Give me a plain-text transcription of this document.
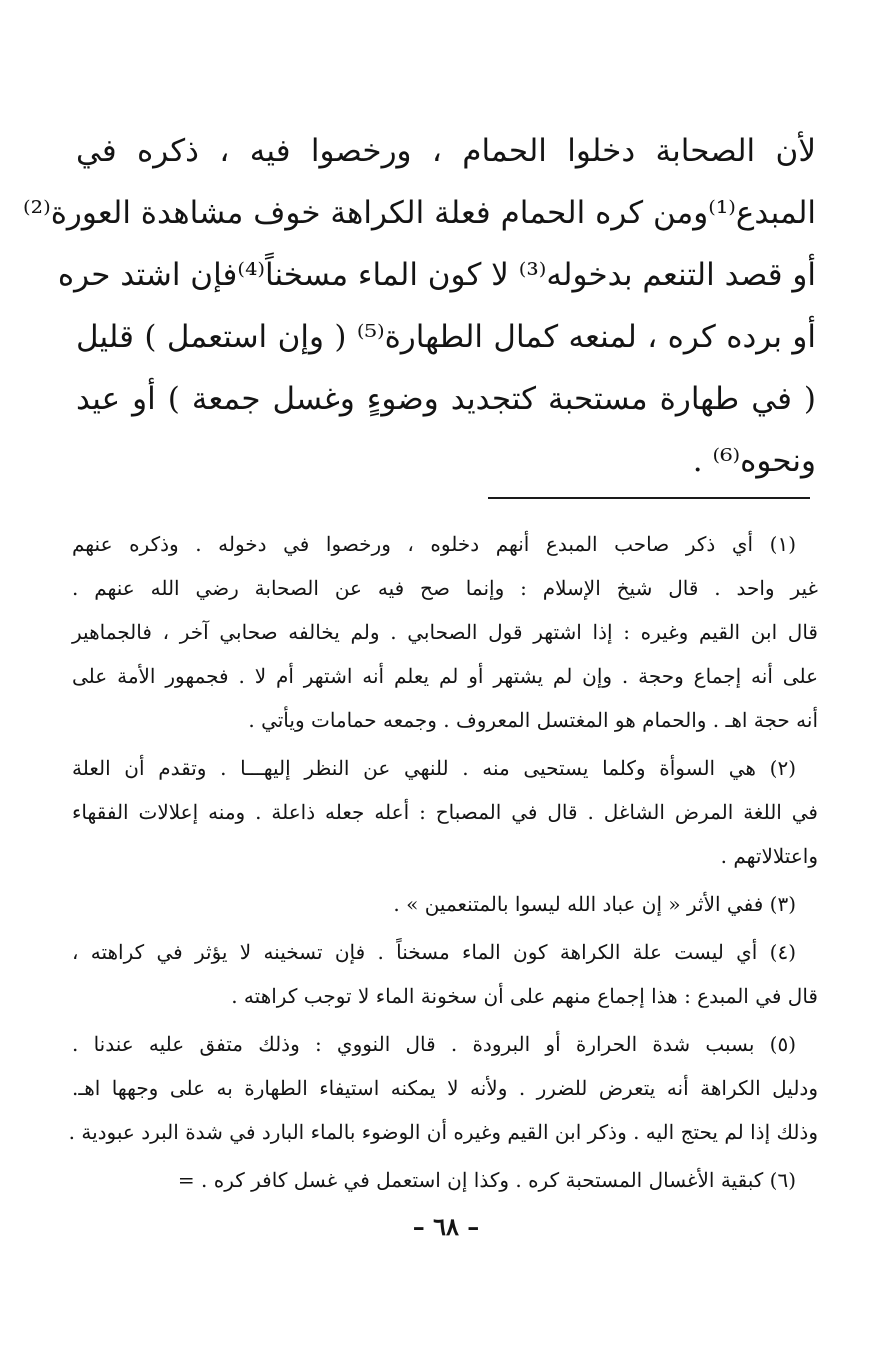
لأن الصحابة دخلوا الحمام ، ورخصوا فيه ، ذكره في
المبدع⁽¹⁾ومن كره الحمام فعلة الكراهة خوف مشاهدة العورة⁽²⁾
أو قصد التنعم بدخوله⁽³⁾ لا كون الماء مسخناً⁽⁴⁾فإن اشتد حره
أو برده كره ، لمنعه كمال الطهارة⁽⁵⁾ ( وإن استعمل ) قليل
( في طهارة مستحبة كتجديد وضوءٍ وغسل جمعة ) أو عيد
ونحوه⁽⁶⁾ .
(١) أي ذكر صاحب المبدع أنهم دخلوه ، ورخصوا في دخوله . وذكره عنهم
غير واحد . قال شيخ الإسلام : وإنما صح فيه عن الصحابة رضي الله عنهم .
قال ابن القيم وغيره : إذا اشتهر قول الصحابي . ولم يخالفه صحابي آخر ، فالجماهير
على أنه إجماع وحجة . وإن لم يشتهر أو لم يعلم أنه اشتهر أم لا . فجمهور الأمة على
أنه حجة اهـ . والحمام هو المغتسل المعروف . وجمعه حمامات ويأتي .
(٢) هي السوأة وكلما يستحيى منه . للنهي عن النظر إليهـــا . وتقدم أن العلة
في اللغة المرض الشاغل . قال في المصباح : أعله جعله ذاعلة . ومنه إعلالات الفقهاء
واعتلالاتهم .
(٣) ففي الأثر « إن عباد الله ليسوا بالمتنعمين » .
(٤) أي ليست علة الكراهة كون الماء مسخناً . فإن تسخينه لا يؤثر في كراهته ،
قال في المبدع : هذا إجماع منهم على أن سخونة الماء لا توجب كراهته .
(٥) بسبب شدة الحرارة أو البرودة . قال النووي : وذلك متفق عليه عندنا .
ودليل الكراهة أنه يتعرض للضرر . ولأنه لا يمكنه استيفاء الطهارة به على وجهها اهـ.
وذلك إذا لم يحتج اليه . وذكر ابن القيم وغيره أن الوضوء بالماء البارد في شدة البرد عبودية .
(٦) كبقية الأغسال المستحبة كره . وكذا إن استعمل في غسل كافر كره . =
– ٦٨ –
